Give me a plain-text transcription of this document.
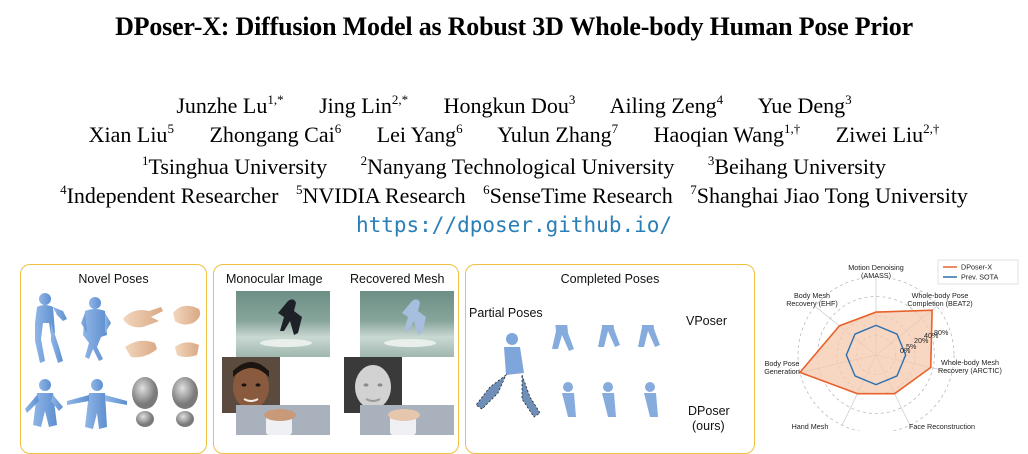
DPoser-X: Diffusion Model as Robust 3D Whole-body Human Pose Prior
Junzhe $Lu^{1,*}$ Jing Lin$^{2,*}$ Hongkun Dou$^3$ Ailing Zeng$^4$ Yue Deng$^3$
Xian Liu$^5$ Zhongang Cai$^6$ Lei Yang$^6$ Yulun Zhang$^7$ Haoqian Wang$^{1,\dagger}$ Ziwei Liu$^{2,\dagger}$
$^1$Tsinghua University	$^2$Nanyang Technological University	$^3$Beihang University
$^4$Independent Researcher $^5$NVIDIA Research $^6$SenseTime Research $^7$Shanghai Jiao Tong University
https://dposer.github.io/
Novel Poses	Monocular Image Recovered Mesh	Completed Poses
Partial Poses
VPoser
DPoser
(ours)
0%
5%
20%
40%
80%
Motion Denoising
(AMASS)
Whole-body Pose
Completion (BEAT2)
Whole-body Mesh
Recovery (ARCTIC)
Face Reconstruction
Hand Mesh
Body Pose
Generation
Body Mesh
Recovery (EHF)
DPoser-X
Prev. SOTA
